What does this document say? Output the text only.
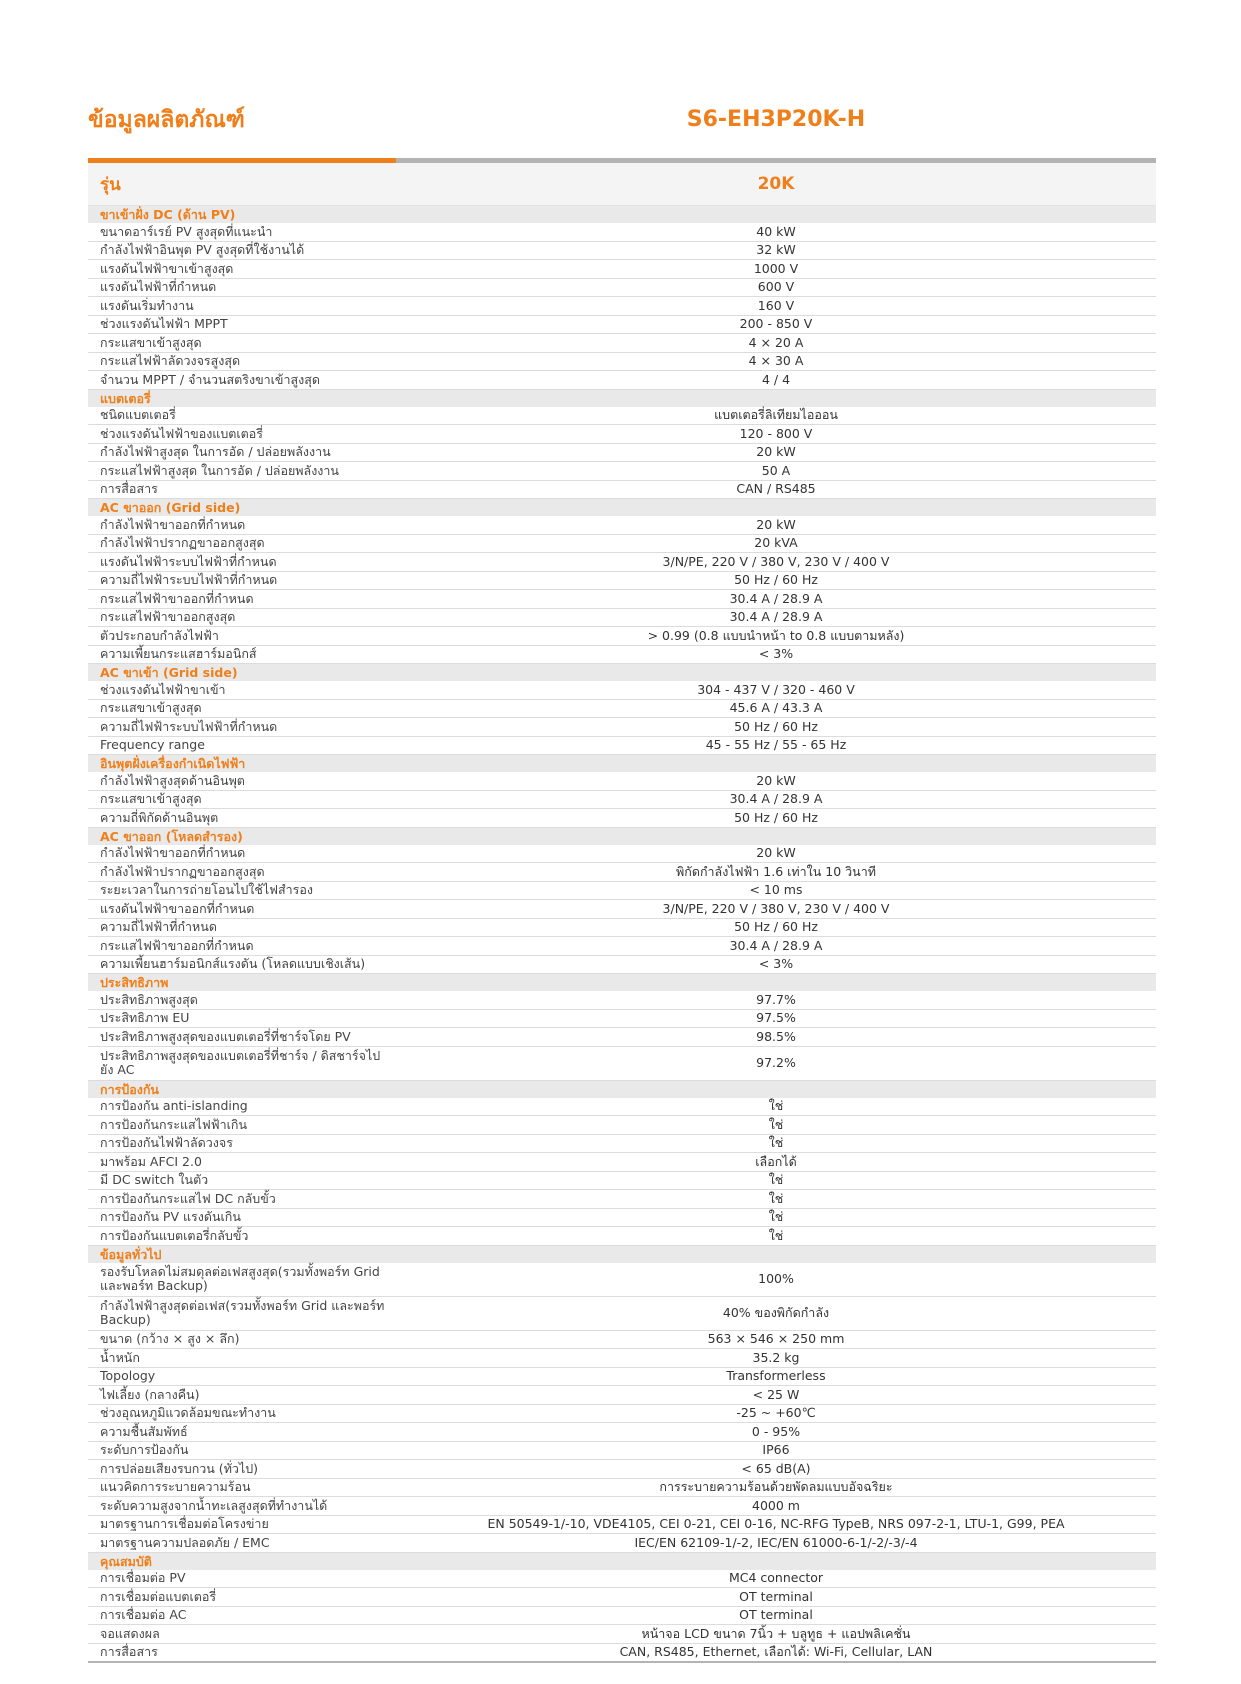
ข้อมูลผลิตภัณฑ์	S6-EH3P20K-H
รุ่น	20K
ขาเข้าฝั่ง DC (ด้าน PV)	
ขนาดอาร์เรย์ PV สูงสุดที่แนะนำ	40 kW
กำลังไฟฟ้าอินพุต PV สูงสุดที่ใช้งานได้	32 kW
แรงดันไฟฟ้าขาเข้าสูงสุด	1000 V
แรงดันไฟฟ้าที่กำหนด	600 V
แรงดันเริ่มทำงาน	160 V
ช่วงแรงดันไฟฟ้า MPPT	200 - 850 V
กระแสขาเข้าสูงสุด	4 × 20 A
กระแสไฟฟ้าลัดวงจรสูงสุด	4 × 30 A
จำนวน MPPT / จำนวนสตริงขาเข้าสูงสุด	4 / 4
แบตเตอรี่	
ชนิดแบตเตอรี่	แบตเตอรี่ลิเทียมไอออน
ช่วงแรงดันไฟฟ้าของแบตเตอรี่	120 - 800 V
กำลังไฟฟ้าสูงสุด ในการอัด / ปล่อยพลังงาน	20 kW
กระแสไฟฟ้าสูงสุด ในการอัด / ปล่อยพลังงาน	50 A
การสื่อสาร	CAN / RS485
AC ขาออก (Grid side)	
กำลังไฟฟ้าขาออกที่กำหนด	20 kW
กำลังไฟฟ้าปรากฏขาออกสูงสุด	20 kVA
แรงดันไฟฟ้าระบบไฟฟ้าที่กำหนด	3/N/PE, 220 V / 380 V, 230 V / 400 V
ความถี่ไฟฟ้าระบบไฟฟ้าที่กำหนด	50 Hz / 60 Hz
กระแสไฟฟ้าขาออกที่กำหนด	30.4 A / 28.9 A
กระแสไฟฟ้าขาออกสูงสุด	30.4 A / 28.9 A
ตัวประกอบกำลังไฟฟ้า	> 0.99 (0.8 แบบนำหน้า to 0.8 แบบตามหลัง)
ความเพี้ยนกระแสฮาร์มอนิกส์	< 3%
AC ขาเข้า (Grid side)	
ช่วงแรงดันไฟฟ้าขาเข้า	304 - 437 V / 320 - 460 V
กระแสขาเข้าสูงสุด	45.6 A / 43.3 A
ความถี่ไฟฟ้าระบบไฟฟ้าที่กำหนด	50 Hz / 60 Hz
Frequency range	45 - 55 Hz / 55 - 65 Hz
อินพุตฝั่งเครื่องกำเนิดไฟฟ้า	
กำลังไฟฟ้าสูงสุดด้านอินพุต	20 kW
กระแสขาเข้าสูงสุด	30.4 A / 28.9 A
ความถี่พิกัดด้านอินพุต	50 Hz / 60 Hz
AC ขาออก (โหลดสำรอง)	
กำลังไฟฟ้าขาออกที่กำหนด	20 kW
กำลังไฟฟ้าปรากฏขาออกสูงสุด	พิกัดกำลังไฟฟ้า 1.6 เท่าใน 10 วินาที
ระยะเวลาในการถ่ายโอนไปใช้ไฟสำรอง	< 10 ms
แรงดันไฟฟ้าขาออกที่กำหนด	3/N/PE, 220 V / 380 V, 230 V / 400 V
ความถี่ไฟฟ้าที่กำหนด	50 Hz / 60 Hz
กระแสไฟฟ้าขาออกที่กำหนด	30.4 A / 28.9 A
ความเพี้ยนฮาร์มอนิกส์แรงดัน (โหลดแบบเชิงเส้น)	< 3%
ประสิทธิภาพ	
ประสิทธิภาพสูงสุด	97.7%
ประสิทธิภาพ EU	97.5%
ประสิทธิภาพสูงสุดของแบตเตอรี่ที่ชาร์จโดย PV	98.5%
ประสิทธิภาพสูงสุดของแบตเตอรี่ที่ชาร์จ / ดิสชาร์จไปยัง AC	97.2%
การป้องกัน	
การป้องกัน anti-islanding	ใช่
การป้องกันกระแสไฟฟ้าเกิน	ใช่
การป้องกันไฟฟ้าลัดวงจร	ใช่
มาพร้อม AFCI 2.0	เลือกได้
มี DC switch ในตัว	ใช่
การป้องกันกระแสไฟ DC กลับขั้ว	ใช่
การป้องกัน PV แรงดันเกิน	ใช่
การป้องกันแบตเตอรี่กลับขั้ว	ใช่
ข้อมูลทั่วไป	
รองรับโหลดไม่สมดุลต่อเฟสสูงสุด(รวมทั้งพอร์ท Grid และพอร์ท Backup)	100%
กำลังไฟฟ้าสูงสุดต่อเฟส(รวมทั้งพอร์ท Grid และพอร์ท Backup)	40% ของพิกัดกำลัง
ขนาด (กว้าง × สูง × ลึก)	563 × 546 × 250 mm
น้ำหนัก	35.2 kg
Topology	Transformerless
ไฟเลี้ยง (กลางคืน)	< 25 W
ช่วงอุณหภูมิแวดล้อมขณะทำงาน	-25 ~ +60℃
ความชื้นสัมพัทธ์	0 - 95%
ระดับการป้องกัน	IP66
การปล่อยเสียงรบกวน (ทั่วไป)	< 65 dB(A)
แนวคิดการระบายความร้อน	การระบายความร้อนด้วยพัดลมแบบอัจฉริยะ
ระดับความสูงจากน้ำทะเลสูงสุดที่ทำงานได้	4000 m
มาตรฐานการเชื่อมต่อโครงข่าย	EN 50549-1/-10, VDE4105, CEI 0-21, CEI 0-16, NC-RFG TypeB, NRS 097-2-1, LTU-1, G99, PEA
มาตรฐานความปลอดภัย / EMC	IEC/EN 62109-1/-2, IEC/EN 61000-6-1/-2/-3/-4
คุณสมบัติ	
การเชื่อมต่อ PV	MC4 connector
การเชื่อมต่อแบตเตอรี่	OT terminal
การเชื่อมต่อ AC	OT terminal
จอแสดงผล	หน้าจอ LCD ขนาด 7นิ้ว + บลูทูธ + แอปพลิเคชั่น
การสื่อสาร	CAN, RS485, Ethernet, เลือกได้: Wi-Fi, Cellular, LAN
